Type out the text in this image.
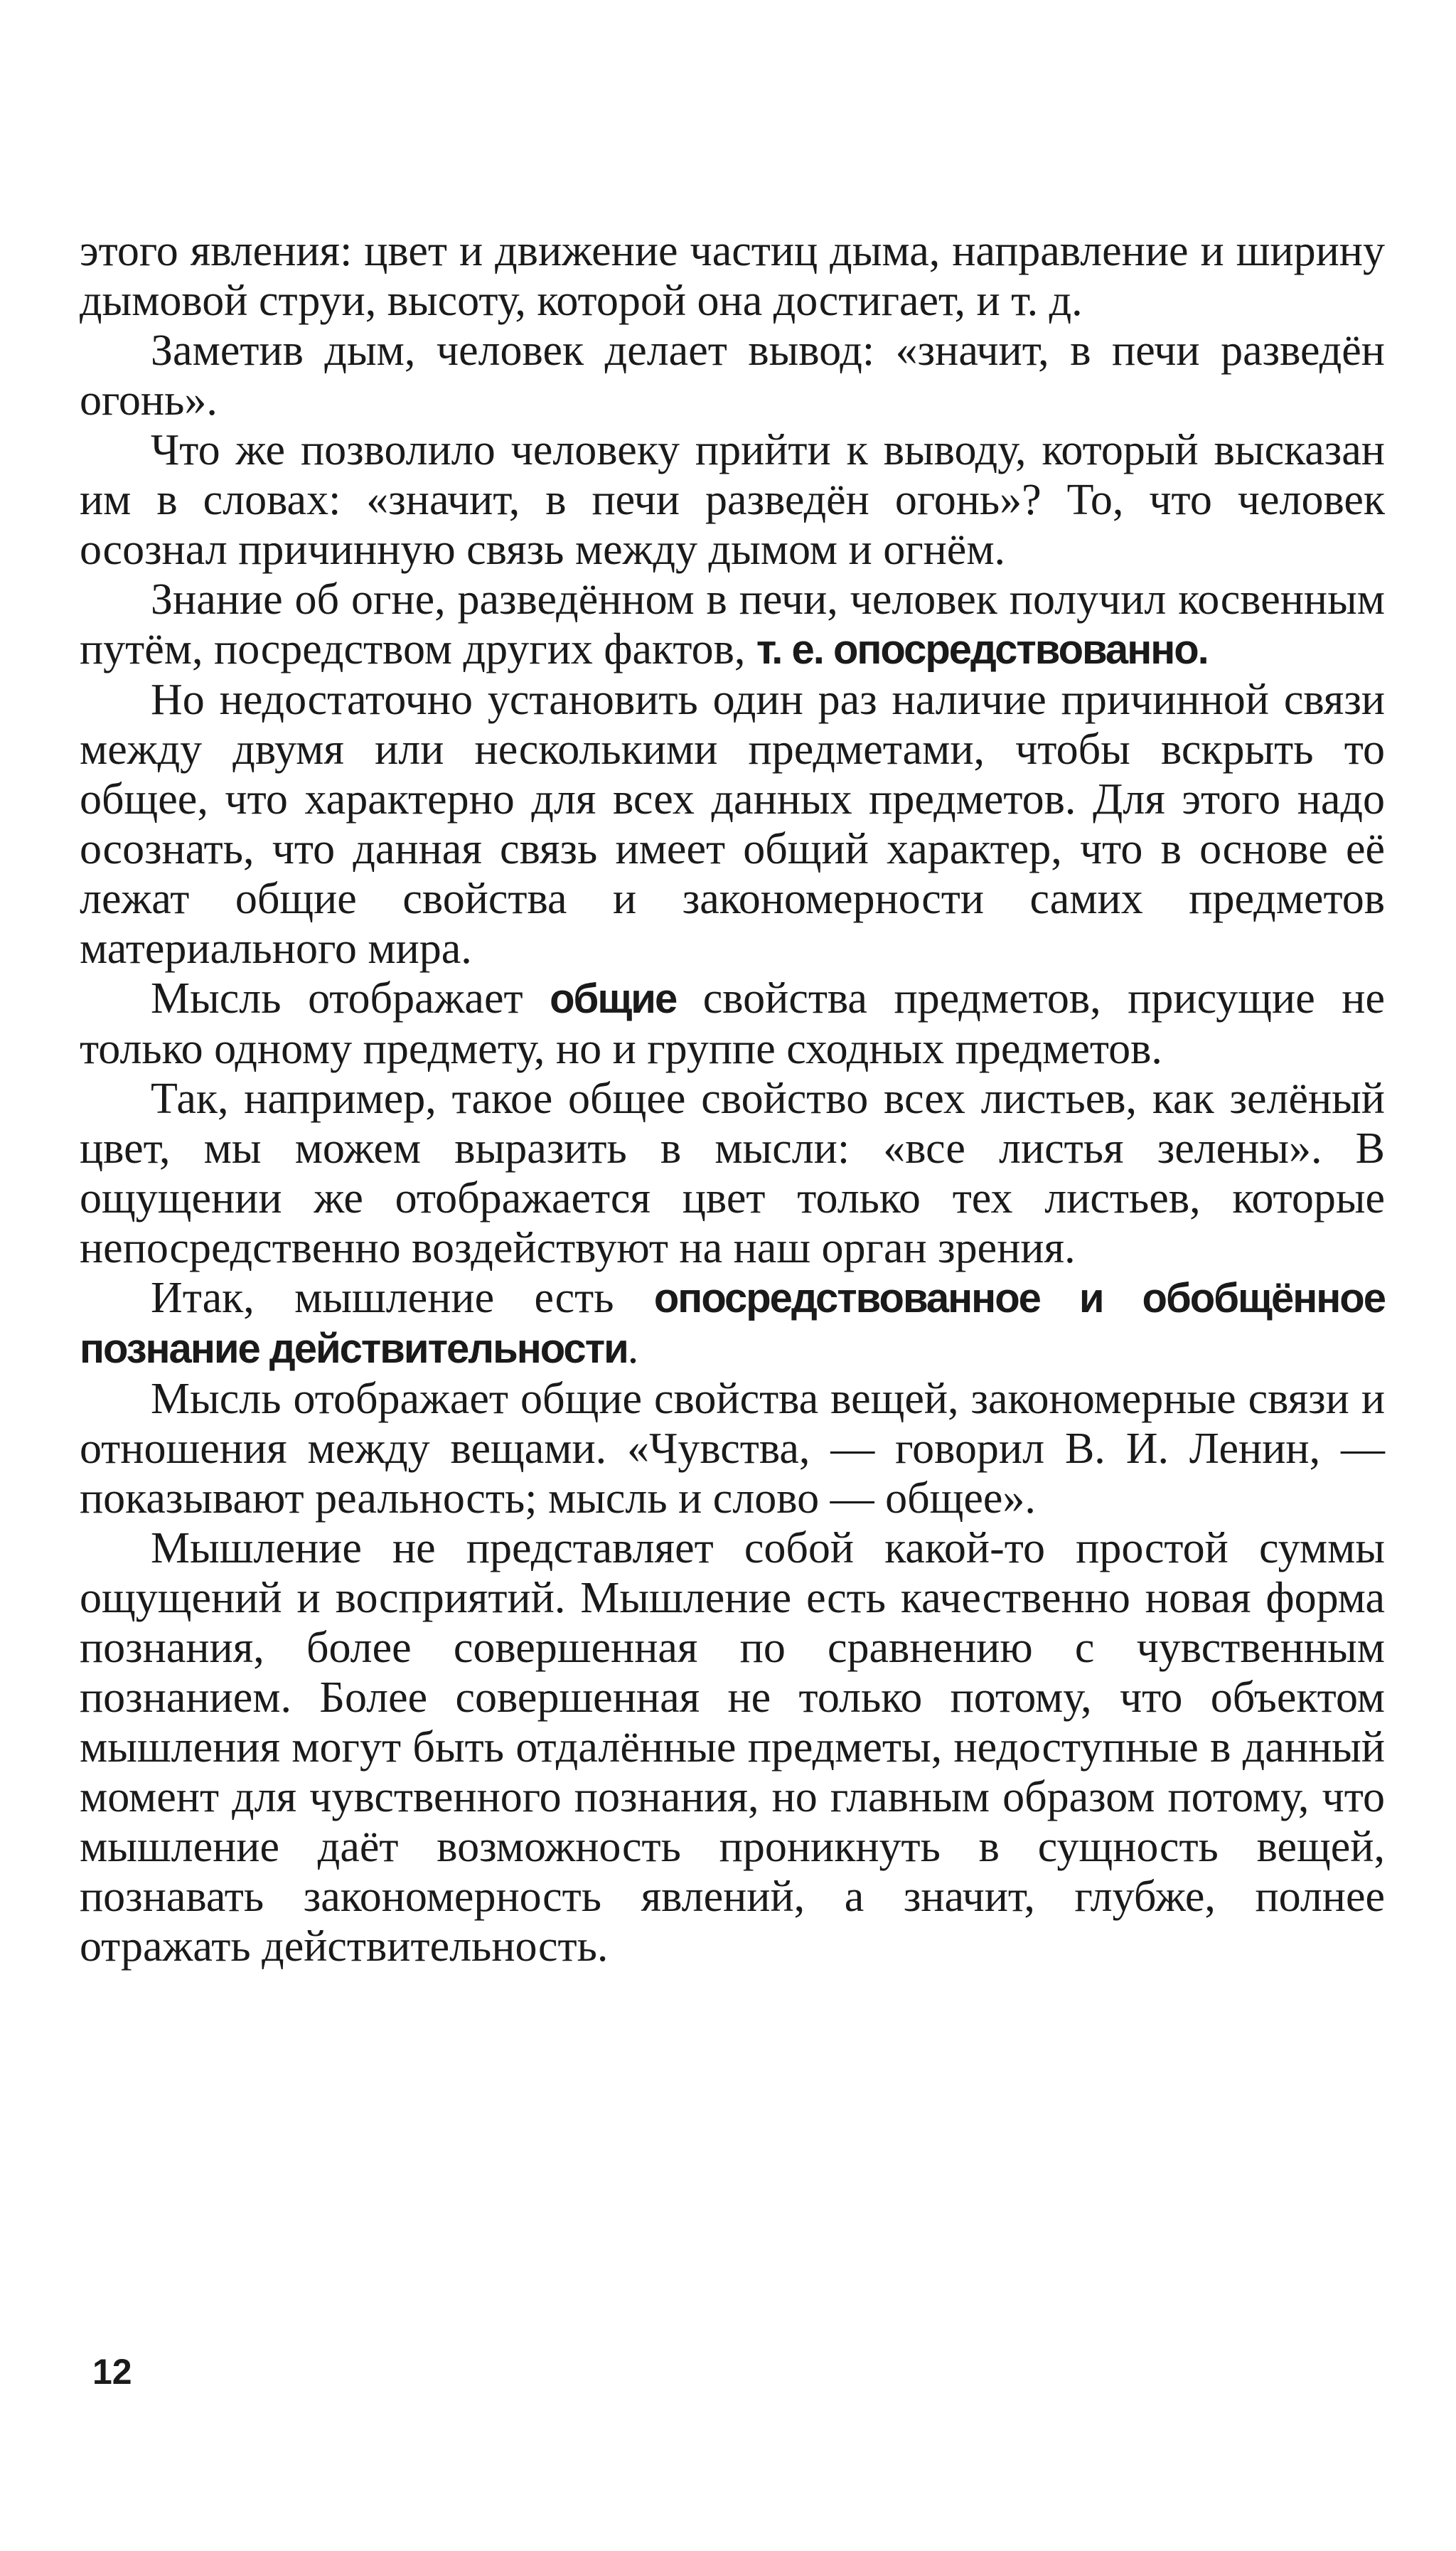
этого явления: цвет и движение частиц дыма, направление и ширину дымовой струи, высоту, которой она достигает, и т. д.

Заметив дым, человек делает вывод: «значит, в печи разведён огонь».

Что же позволило человеку прийти к выводу, который высказан им в словах: «значит, в печи разведён огонь»? То, что человек осознал причинную связь между дымом и огнём.

Знание об огне, разведённом в печи, человек получил косвенным путём, посредством других фактов, т. е. опосредствованно.

Но недостаточно установить один раз наличие причинной связи между двумя или несколькими предметами, чтобы вскрыть то общее, что характерно для всех данных предметов. Для этого надо осознать, что данная связь имеет общий характер, что в основе её лежат общие свойства и закономерности самих предметов материального мира.

Мысль отображает общие свойства предметов, присущие не только одному предмету, но и группе сходных предметов.

Так, например, такое общее свойство всех листьев, как зелёный цвет, мы можем выразить в мысли: «все листья зелены». В ощущении же отображается цвет только тех листьев, которые непосредственно воздействуют на наш орган зрения.

Итак, мышление есть опосредствованное и обобщённое познание действительности.

Мысль отображает общие свойства вещей, закономерные связи и отношения между вещами. «Чувства, — говорил В. И. Ленин, — показывают реальность; мысль и слово — общее».

Мышление не представляет собой какой-то простой суммы ощущений и восприятий. Мышление есть качественно новая форма познания, более совершенная по сравнению с чувственным познанием. Более совершенная не только потому, что объектом мышления могут быть отдалённые предметы, недоступные в данный момент для чувственного познания, но главным образом потому, что мышление даёт возможность проникнуть в сущность вещей, познавать закономерность явлений, а значит, глубже, полнее отражать действительность.

12
